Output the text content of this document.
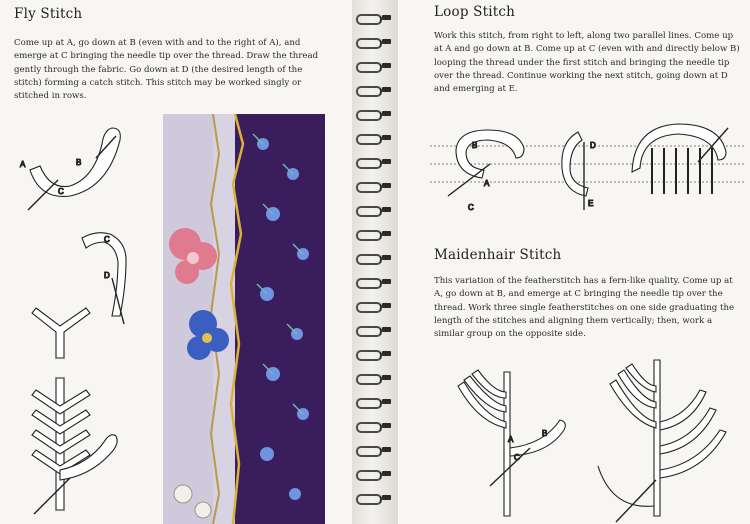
Fly Stitch

Come up at A, go down at B (even with and to the right of A), and emerge at C bringing the needle tip over the thread. Draw the thread gently through the fabric. Go down at D (the desired length of the stitch) forming a catch stitch. This stitch may be worked singly or stitched in rows.

A	B
C
C
D
Loop Stitch

Work this stitch, from right to left, along two parallel lines. Come up at A and go down at B. Come up at C (even with and directly below B) looping the thread under the first stitch and bringing the needle tip over the thread. Continue working the next stitch, going down at D and emerging at E.

B
A
C
D
E
Maidenhair Stitch

This variation of the featherstitch has a fern-like quality. Come up at A, go down at B, and emerge at C bringing the needle tip over the thread. Work three single featherstitches on one side graduating the length of the stitches and aligning them vertically; then, work a similar group on the opposite side.

A
B
C
